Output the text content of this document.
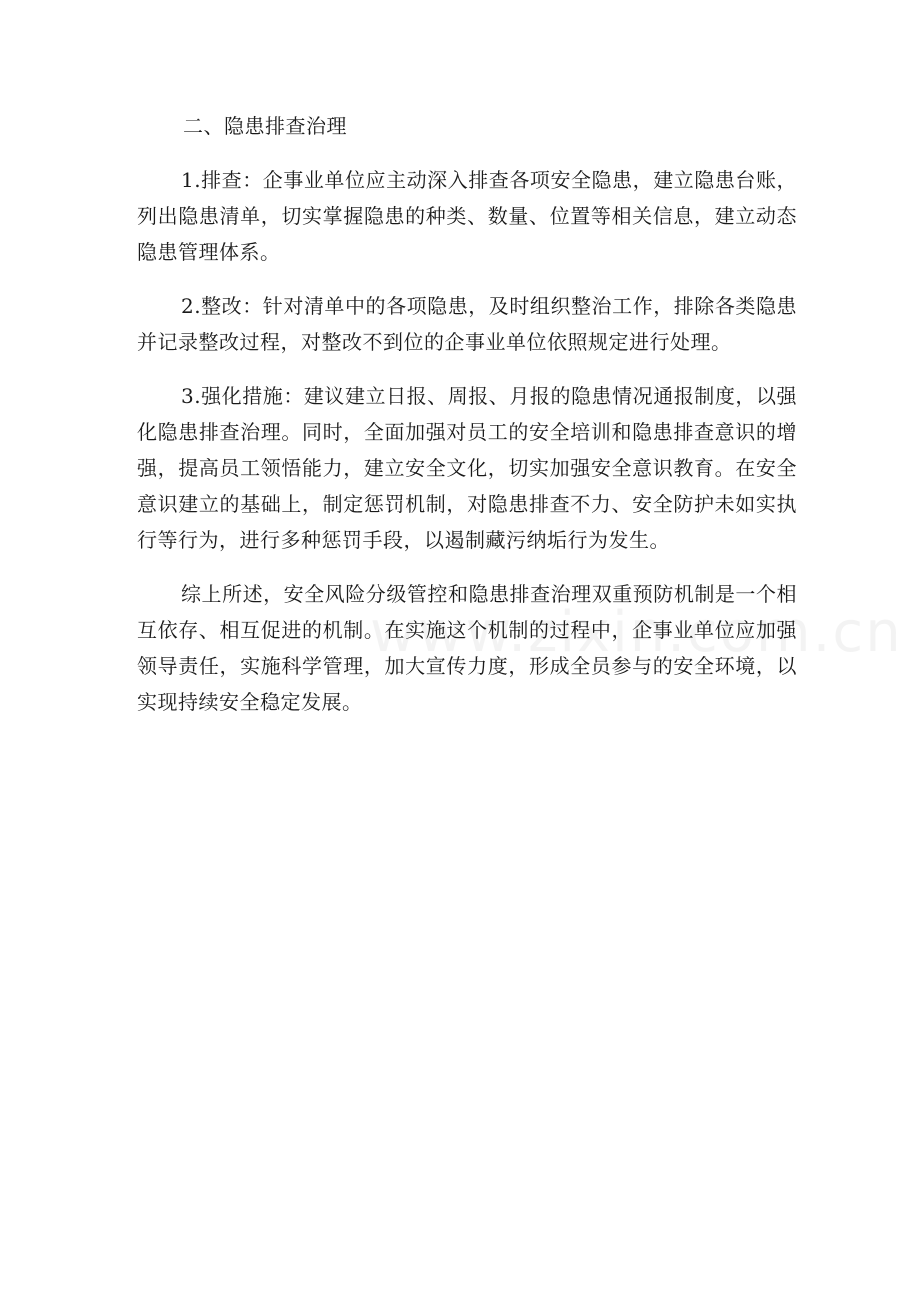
二、隐患排查治理

1.排查：企事业单位应主动深入排查各项安全隐患，建立隐患台账，列出隐患清单，切实掌握隐患的种类、数量、位置等相关信息，建立动态隐患管理体系。

2.整改：针对清单中的各项隐患，及时组织整治工作，排除各类隐患并记录整改过程，对整改不到位的企事业单位依照规定进行处理。

3.强化措施：建议建立日报、周报、月报的隐患情况通报制度，以强化隐患排查治理。同时，全面加强对员工的安全培训和隐患排查意识的增强，提高员工领悟能力，建立安全文化，切实加强安全意识教育。在安全意识建立的基础上，制定惩罚机制，对隐患排查不力、安全防护未如实执行等行为，进行多种惩罚手段，以遏制藏污纳垢行为发生。

综上所述，安全风险分级管控和隐患排查治理双重预防机制是一个相互依存、相互促进的机制。在实施这个机制的过程中，企事业单位应加强领导责任，实施科学管理，加大宣传力度，形成全员参与的安全环境，以实现持续安全稳定发展。
